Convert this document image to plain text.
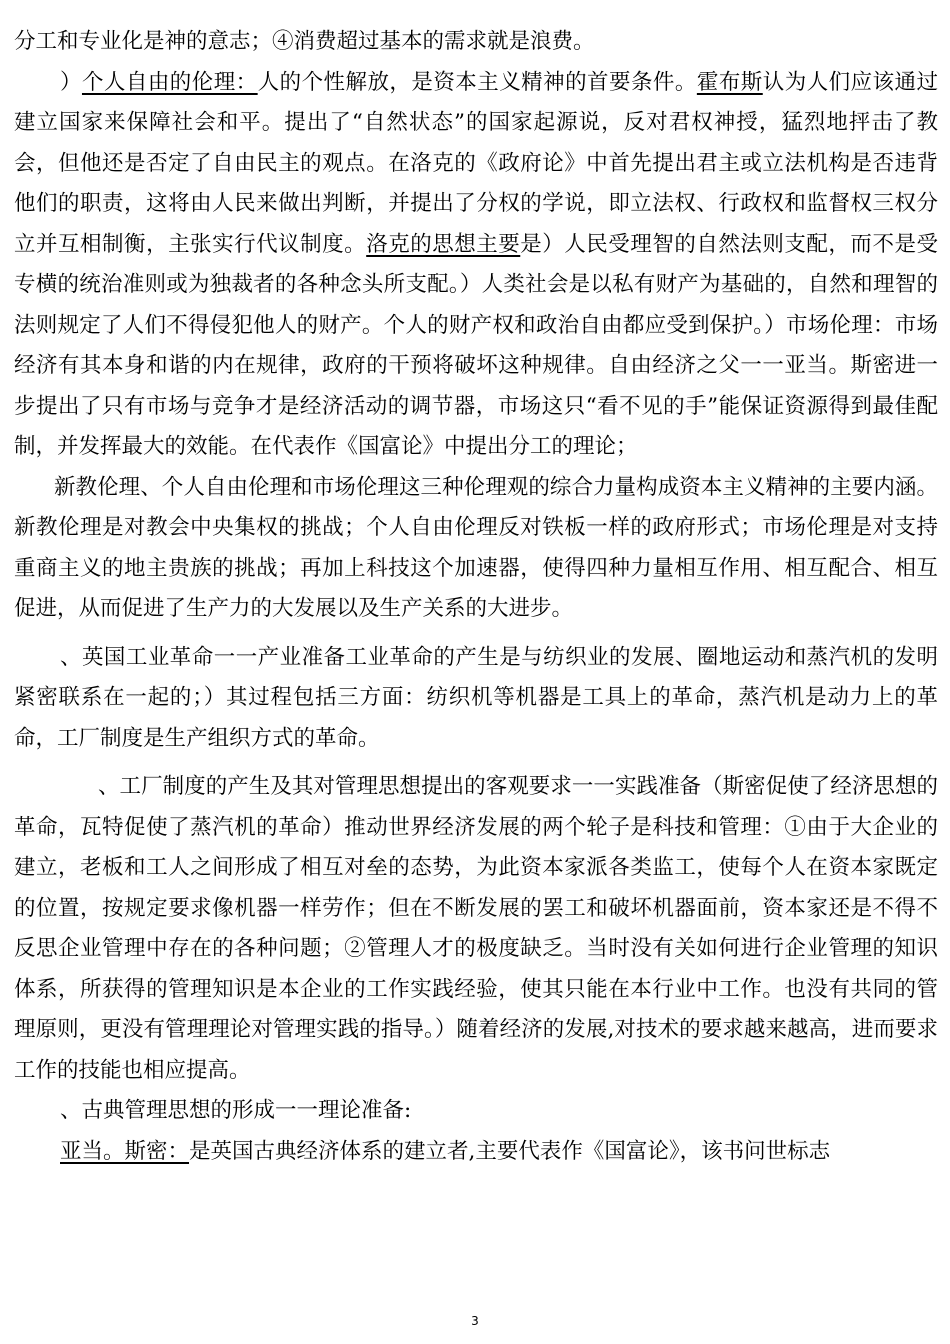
分工和专业化是神的意志；④消费超过基本的需求就是浪费。

）个人自由的伦理：人的个性解放，是资本主义精神的首要条件。霍布斯认为人们应该通过建立国家来保障社会和平。提出了“自然状态”的国家起源说，反对君权神授，猛烈地抨击了教会，但他还是否定了自由民主的观点。在洛克的《政府论》中首先提出君主或立法机构是否违背他们的职责，这将由人民来做出判断，并提出了分权的学说，即立法权、行政权和监督权三权分立并互相制衡，主张实行代议制度。洛克的思想主要是）人民受理智的自然法则支配，而不是受专横的统治准则或为独裁者的各种念头所支配。）人类社会是以私有财产为基础的，自然和理智的法则规定了人们不得侵犯他人的财产。个人的财产权和政治自由都应受到保护。）市场伦理：市场经济有其本身和谐的内在规律，政府的干预将破坏这种规律。自由经济之父一一亚当。斯密进一步提出了只有市场与竞争才是经济活动的调节器，市场这只“看不见的手”能保证资源得到最佳配制，并发挥最大的效能。在代表作《国富论》中提出分工的理论；

新教伦理、个人自由伦理和市场伦理这三种伦理观的综合力量构成资本主义精神的主要内涵。新教伦理是对教会中央集权的挑战；个人自由伦理反对铁板一样的政府形式；市场伦理是对支持重商主义的地主贵族的挑战；再加上科技这个加速器，使得四种力量相互作用、相互配合、相互促进，从而促进了生产力的大发展以及生产关系的大进步。

、英国工业革命一一产业准备工业革命的产生是与纺织业的发展、圈地运动和蒸汽机的发明紧密联系在一起的；）其过程包括三方面：纺织机等机器是工具上的革命，蒸汽机是动力上的革命，工厂制度是生产组织方式的革命。

、工厂制度的产生及其对管理思想提出的客观要求一一实践准备（斯密促使了经济思想的革命，瓦特促使了蒸汽机的革命）推动世界经济发展的两个轮子是科技和管理：①由于大企业的建立，老板和工人之间形成了相互对垒的态势，为此资本家派各类监工，使每个人在资本家既定的位置，按规定要求像机器一样劳作；但在不断发展的罢工和破坏机器面前，资本家还是不得不反思企业管理中存在的各种问题；②管理人才的极度缺乏。当时没有关如何进行企业管理的知识体系，所获得的管理知识是本企业的工作实践经验，使其只能在本行业中工作。也没有共同的管理原则，更没有管理理论对管理实践的指导。）随着经济的发展,对技术的要求越来越高，进而要求工作的技能也相应提高。

、古典管理思想的形成一一理论准备:

亚当。斯密：是英国古典经济体系的建立者,主要代表作《国富论》，该书问世标志

3
